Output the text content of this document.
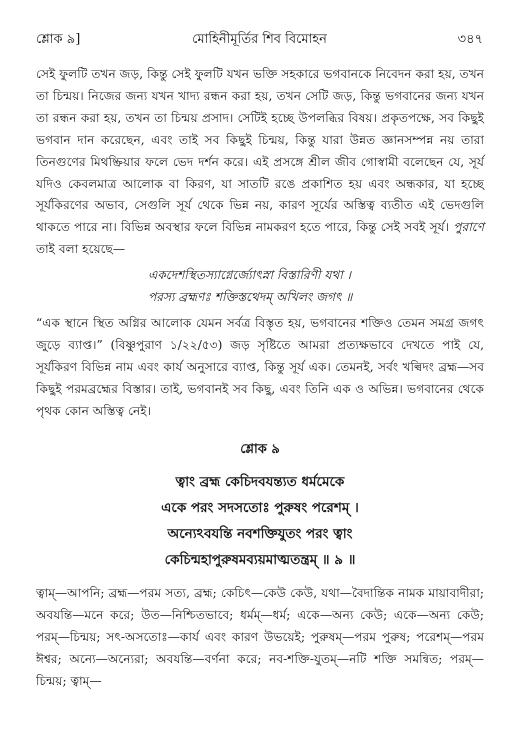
শ্লোক ৯]	মোহিনীমূর্তির শিব বিমোহন	৩৪৭

সেই ফুলটি তখন জড়, কিন্তু সেই ফুলটি যখন ভক্তি সহকারে ভগবানকে নিবেদন করা হয়, তখন তা চিন্ময়। নিজের জন্য যখন খাদ্য রন্ধন করা হয়, তখন সেটি জড়, কিন্তু ভগবানের জন্য যখন তা রন্ধন করা হয়, তখন তা চিন্ময় প্রসাদ। সেটিই হচ্ছে উপলব্ধির বিষয়। প্রকৃতপক্ষে, সব কিছুই ভগবান দান করেছেন, এবং তাই সব কিছুই চিন্ময়, কিন্তু যারা উন্নত জ্ঞানসম্পন্ন নয় তারা তিনগুণের মিথষ্ক্রিয়ার ফলে ভেদ দর্শন করে। এই প্রসঙ্গে শ্রীল জীব গোস্বামী বলেছেন যে, সূর্য যদিও কেবলমাত্র আলোক বা কিরণ, যা সাতটি রঙে প্রকাশিত হয় এবং অন্ধকার, যা হচ্ছে সূর্যকিরণের অভাব, সেগুলি সূর্য থেকে ভিন্ন নয়, কারণ সূর্যের অস্তিত্ব ব্যতীত এই ভেদগুলি থাকতে পারে না। বিভিন্ন অবস্থার ফলে বিভিন্ন নামকরণ হতে পারে, কিন্তু সেই সবই সূর্য। পুরাণে তাই বলা হয়েছে—

একদেশস্থিতস্যাগ্নের্জ্যোৎস্না বিস্তারিণী যথা ।
পরস্য ব্রহ্মণঃ শক্তিস্তথেদম্‌ অখিলং জগৎ ॥
“এক স্থানে স্থিত অগ্নির আলোক যেমন সর্বত্র বিস্তৃত হয়, ভগবানের শক্তিও তেমন সমগ্র জগৎ জুড়ে ব্যাপ্ত।” (বিষ্ণুপুরাণ ১/২২/৫৩) জড় সৃষ্টিতে আমরা প্রত্যক্ষভাবে দেখতে পাই যে, সূর্যকিরণ বিভিন্ন নাম এবং কার্য অনুসারে ব্যাপ্ত, কিন্তু সূর্য এক। তেমনই, সর্বং খল্বিদং ব্রহ্ম—সব কিছুই পরমব্রহ্মের বিস্তার। তাই, ভগবানই সব কিছু, এবং তিনি এক ও অভিন্ন। ভগবানের থেকে পৃথক কোন অস্তিত্ব নেই।

শ্লোক ৯

ত্বাং ব্রহ্ম কেচিদবযন্ত্যত ধর্মমেকে

একে পরং সদসতোঃ পুরুষং পরেশম্‌ ।

অন্যেঽবযন্তি নবশক্তিযুতং পরং ত্বাং

কেচিন্মহাপুরুষমব্যয়মাত্মতন্ত্রম্‌ ॥ ৯ ॥

ত্বাম্‌—আপনি; ব্রহ্ম—পরম সত্য, ব্রহ্ম; কেচিৎ—কেউ কেউ, যথা—বৈদান্তিক নামক মায়াবাদীরা; অবযন্তি—মনে করে; উত—নিশ্চিতভাবে; ধর্মম্‌—ধর্ম; একে—অন্য কেউ; একে—অন্য কেউ; পরম্‌—চিন্ময়; সৎ-অসতোঃ—কার্য এবং কারণ উভয়েই; পুরুষম্‌—পরম পুরুষ; পরেশম্‌—পরম ঈশ্বর; অন্যে—অন্যেরা; অবযন্তি—বর্ণনা করে; নব-শক্তি-যুতম্‌—নটি শক্তি সমন্বিত; পরম্‌—চিন্ময়; ত্বাম্‌—
